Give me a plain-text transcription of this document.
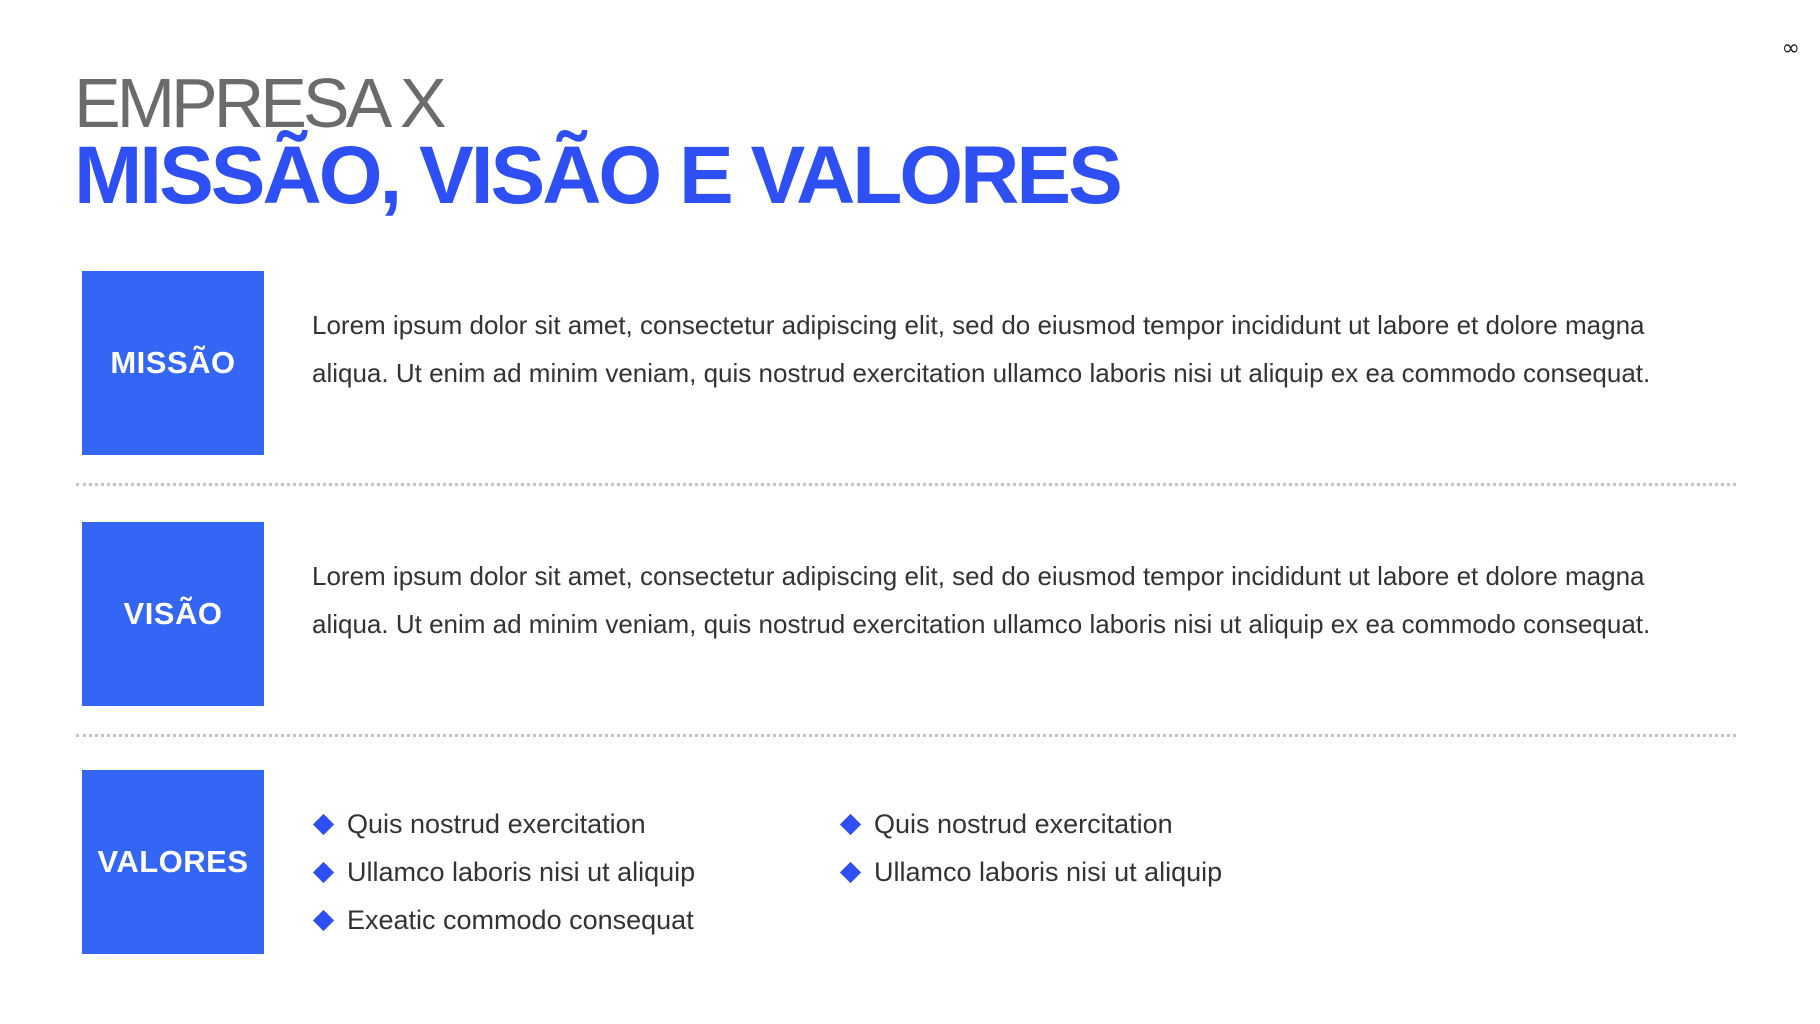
∞
EMPRESA X
MISSÃO, VISÃO E VALORES
MISSÃO
Lorem ipsum dolor sit amet, consectetur adipiscing elit, sed do eiusmod tempor incididunt ut labore et dolore magna aliqua. Ut enim ad minim veniam, quis nostrud exercitation ullamco laboris nisi ut aliquip ex ea commodo consequat.
VISÃO
Lorem ipsum dolor sit amet, consectetur adipiscing elit, sed do eiusmod tempor incididunt ut labore et dolore magna aliqua. Ut enim ad minim veniam, quis nostrud exercitation ullamco laboris nisi ut aliquip ex ea commodo consequat.
VALORES
Quis nostrud exercitation
Ullamco laboris nisi ut aliquip
Exeatic commodo consequat
Quis nostrud exercitation
Ullamco laboris nisi ut aliquip
